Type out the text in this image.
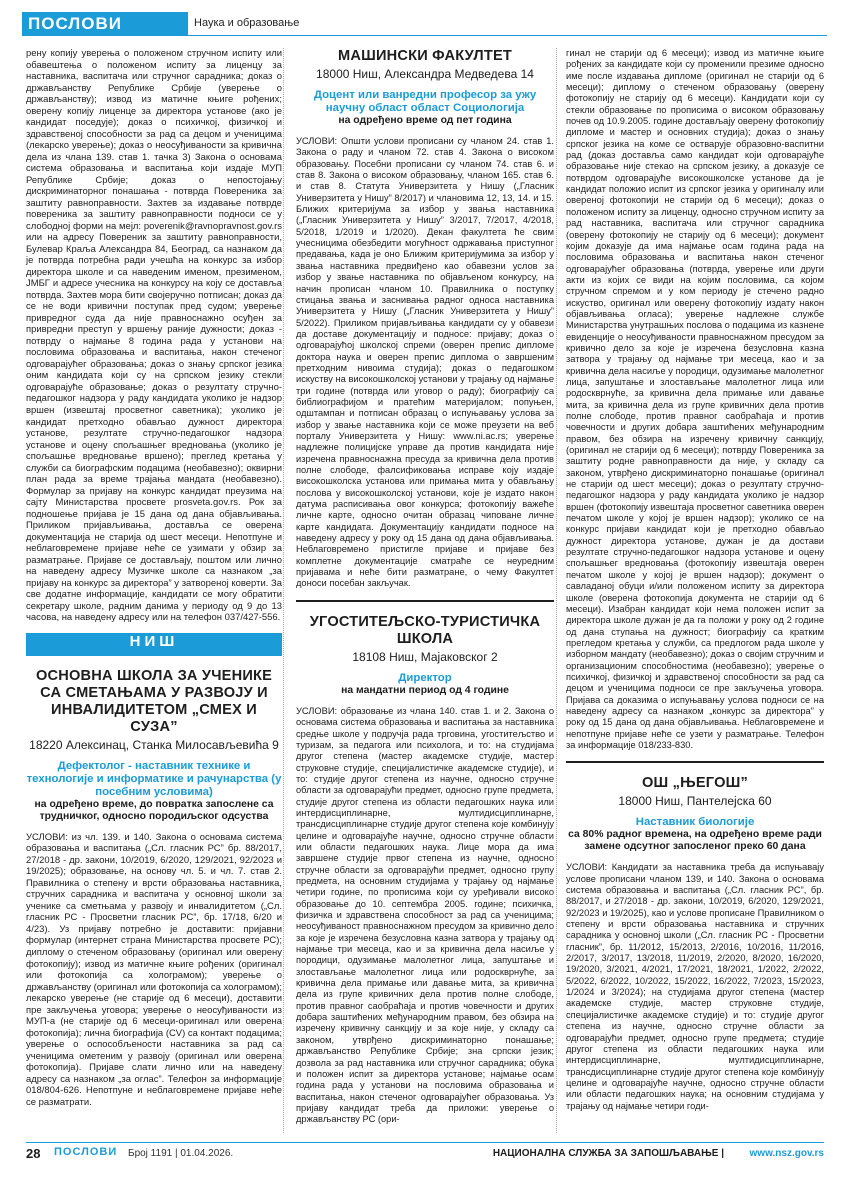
ПОСЛОВИ	Наука и образовање

рену копију уверења о положеном стручном испиту или обавештења о положеном испиту за лиценцу за наставника, васпитача или стручног сарадника; доказ о држављанству Републике Србије (уверење о држављанству); извод из матичне књиге рођених; оверену копију лиценце за директора установе (ако је кандидат поседује); доказ о психичкој, физичкој и здравственој способности за рад са децом и ученицима (лекарско уверење); доказ о неосуђиваности за кривична дела из члана 139. став 1. тачка 3) Закона о основама система образовања и васпитања који издаје МУП Републике Србије; доказ о непостојању дискриминаторног понашања - потврда Повереника за заштиту равноправности. Захтев за издавање потврде повереника за заштиту равноправности подноси се у слободној форми на мејл: poverenik@ravnopravnost.gov.rs или на адресу Повереник за заштиту равноправности, Булевар Краља Александра 84, Београд, са назнаком да је потврда потребна ради учешћа на конкурс за избор директора школе и са наведеним именом, презименом, ЈМБГ и адресе учесника на конкурсу на коју се доставља потврда. Захтев мора бити својеручно потписан; доказ да се не води кривични поступак пред судом; уверење привредног суда да није правноснажно осуђен за привредни преступ у вршењу раније дужности; доказ - потврду о најмање 8 година рада у установи на пословима образовања и васпитања, након стеченог одговарајућег образовања; доказ о знању српског језика оним кандидата који су на српском језику стекли одговарајуће образовање; доказ о резултату стручно-педагошког надзора у раду кандидата уколико је надзор вршен (извештај просветног саветника); уколико је кандидат претходно обављао дужност директора установе, резултате стручно-педагошког надзора установе и оцену спољашњег вредновања (уколико је спољашње вредновање вршено); преглед кретања у служби са биографским подацима (необавезно); оквирни план рада за време трајања мандата (необавезно). Формулар за пријаву на конкурс кандидат преузима на сајту Министарства просвете prosveta.gov.rs. Рок за подношење пријава је 15 дана од дана објављивања. Приликом пријављивања, доставља се оверена документација не старија од шест месеци. Непотпуне и неблаговремене пријаве неће се узимати у обзир за разматрање. Пријаве се достављају, поштом или лично на наведену адресу Музичке школе са назнаком „за пријаву на конкурс за директора” у затвореној коверти. За све додатне информације, кандидати се могу обратити секретару школе, радним данима у периоду од 9 до 13 часова, на наведену адресу или на телефон 037/427-556.

НИШ
ОСНОВНА ШКОЛА ЗА УЧЕНИКЕ СА СМЕТАЊАМА У РАЗВОЈУ И ИНВАЛИДИТЕТОМ „СМЕХ И СУЗА”
18220 Алексинац, Станка Милосављевића 9
Дефектолог - наставник технике и технологије и информатике и рачунарства (у посебним условима)
на одређено време, до повратка запослене са трудничког, односно породиљског одсуства

УСЛОВИ: из чл. 139. и 140. Закона о основама система образовања и васпитања („Сл. гласник РС” бр. 88/2017, 27/2018 - др. закони, 10/2019, 6/2020, 129/2021, 92/2023 и 19/2025); образовање, на основу чл. 5. и чл. 7. став 2. Правилника о степену и врсти образовања наставника, стручних сарадника и васпитача у основној школи за ученике са сметњама у развоју и инвалидитетом („Сл. гласник РС - Просветни гласник РС”, бр. 17/18, 6/20 и 4/23). Уз пријаву потребно је доставити: пријавни формулар (интернет страна Министарства просвете РС); диплому о стеченом образовању (оригинал или оверену фотокопију); извод из матичне књиге рођених (оригинал или фотокопија са холограмом); уверење о држављанству (оригинал или фотокопија са холограмом); лекарско уверење (не старије од 6 месеци), доставити пре закључења уговора; уверење о неосуђиваности из МУП-а (не старије од 6 месеци-оригинал или оверена фотокопија); лична биографија (CV) са контакт подацима; уверење о оспособљености наставника за рад са ученицима ометеним у развоју (оригинал или оверена фотокопија). Пријаве слати лично или на наведену адресу са назнаком „за оглас”. Телефон за информације 018/804-626. Непотпуне и неблаговремене пријаве неће се разматрати.

МАШИНСКИ ФАКУЛТЕТ
18000 Ниш, Александра Медведева 14
Доцент или ванредни професор за ужу научну област област Социологија
на одређено време од пет година

УСЛОВИ: Општи услови прописани су чланом 24. став 1. Закона о раду и чланом 72. став 4. Закона о високом образовању. Посебни прописани су чланом 74. став 6. и став 8. Закона о високом образовању, чланом 165. став 6. и став 8. Статута Универзитета у Нишу („Гласник Универзитета у Нишу” 8/2017) и члановима 12, 13, 14. и 15. Ближих критеријума за избор у звања наставника („Гласник Универзитета у Нишу” 3/2017, 7/2017, 4/2018, 5/2018, 1/2019 и 1/2020). Декан факултета ће свим учесницима обезбедити могућност одржавања приступног предавања, када је оно Ближим критеријумима за избор у звања наставника предвиђено као обавезни услов за избор у звање наставника по објављеном конкурсу, на начин прописан чланом 10. Правилника о поступку стицања звања и заснивања радног односа наставника Универзитета у Нишу („Гласник Универзитета у Нишу” 5/2022). Приликом пријављивања кандидати су у обавези да доставе документацију и подносе: пријаву; доказ о одговарајућој школској спреми (оверен препис дипломе доктора наука и оверен препис диплома о завршеним претходним нивоима студија); доказ о педагошком искуству на високошколској установи у трајању од најмање три године (потврда или уговор о раду); биографију са библиографијом и пратећим материјалом; попуњен, одштампан и потписан образац о испуњавању услова за избор у звање наставника који се може преузети на веб порталу Универзитета у Нишу: www.ni.ac.rs; уверење надлежне полицијске управе да против кандидата није изречена правноснажна пресуда за кривична дела против полне слободе, фалсификовања исправе коју издаје високошколска установа или примања мита у обављању послова у високошколској установи, које је издато након датума расписивања овог конкурса; фотокопију важеће личне карте, односно очитан образац чиповане личне карте кандидата. Документацију кандидати подносе на наведену адресу у року од 15 дана од дана објављивања. Неблаговремено пристигле пријаве и пријаве без комплетне документације сматраће се неуредним пријавама и неће бити разматране, о чему Факултет доноси посебан закључак.

УГОСТИТЕЉСКО-ТУРИСТИЧКА ШКОЛА
18108 Ниш, Мајаковског 2
Директор
на мандатни период од 4 године

УСЛОВИ: образовање из члана 140. став 1. и 2. Закона о основама система образовања и васпитања за наставника средње школе у подручја рада трговина, угоститељство и туризам, за педагога или психолога, и то: на студијама другог степена (мастер академске студије, мастер струковне студије, специјалистичке академске студије), и то: студије другог степена из научне, односно стручне области за одговарајући предмет, односно групе предмета, студије другог степена из области педагошких наука или интердисциплинарне, мултидисциплинарне, трансдисциплинарне студије другог степена које комбинују целине и одговарајуће научне, односно стручне области или области педагошких наука. Лице мора да има завршене студије првог степена из научне, односно стручне области за одговарајући предмет, односно групу предмета, на основним студијама у трајању од најмање четири године, по прописима који су уређивали високо образовање до 10. септембра 2005. године; психичка, физичка и здравствена способност за рад са ученицима; неосуђиваност правноснажном пресудом за кривично дело за које је изречена безусловна казна затвора у трајању од најмање три месеца, као и за кривична дела насиље у породици, одузимање малолетног лица, запуштање и злостављање малолетног лица или родоскврнуће, за кривична дела примање или давање мита, за кривична дела из групе кривичних дела против полне слободе, против правног саобраћаја и против човечности и других добара заштићених међународним правом, без обзира на изречену кривичну санкцију и за које није, у складу са законом, утврђено дискриминаторно понашање; држављанство Републике Србије; зна српски језик; дозвола за рад наставника или стручног сарадника; обука и положен испит за директора установе; најмање осам година рада у установи на пословима образовања и васпитања, након стеченог одговарајућег образовања. Уз пријаву кандидат треба да приложи: уверење о држављанству РС (ори-

гинал не старији од 6 месеци); извод из матичне књиге рођених за кандидате који су променили презиме односно име после издавања дипломе (оригинал не старији од 6 месеци); диплому о стеченом образовању (оверену фотокопију не старију од 6 месеци). Кандидати који су стекли образовање по прописима о високом образовању почев од 10.9.2005. године достављају оверену фотокопију дипломе и мастер и основних студија); доказ о знању српског језика на коме се остварује образовно-васпитни рад (доказ достављa само кандидат који одговарајуће образовање није стекао на српском језику, а доказује се потврдом одговарајуће високошколске установе да је кандидат положио испит из српског језика у оригиналу или овереној фотокопији не старији од 6 месеци); доказ о положеном испиту за лиценцу, односно стручном испиту за рад наставника, васпитача или стручног сарадника (оверену фотокопију не старију од 6 месеци); документ којим доказује да има најмање осам година рада на пословима образовања и васпитања након стеченог одговарајућег образовања (потврда, уверење или други акти из којих се види на којим пословима, са којом стручном спремом и у ком периоду је стечено радно искуство, оригинал или оверену фотокопију издату након објављивања огласа); уверење надлежне службе Министарства унутрашњих послова о подацима из казнене евиденције о неосуђиваности правноснажном пресудом за кривично дело за које је изречена безусловна казна затвора у трајању од најмање три месеца, као и за кривична дела насиље у породици, одузимање малолетног лица, запуштање и злостављање малолетног лица или родоскврнуће, за кривична дела примање или давање мита, за кривична дела из групе кривичних дела против полне слободе, против правног саобраћаја и против човечности и других добара заштићених међународним правом, без обзира на изречену кривичну санкцију, (оригинал не старији од 6 месеци); потврду Повереника за заштиту родне равноправности да није, у складу са законом, утврђено дискриминаторно понашање (оригинал не старији од шест месеци); доказ о резултату стручно-педагошког надзора у раду кандидата уколико је надзор вршен (фотокопију извештаја просветног саветника оверен печатом школе у којој је вршен надзор); уколико се на конкурс пријави кандидат који је претходно обављао дужност директора установе, дужан је да достави резултате стручно-педагошког надзора установе и оцену спољашњег вредновања (фотокопију извештаја оверен печатом школе у којој је вршен надзор); документ о савладаној обуци и/или положеном испиту за директора школе (оверена фотокопија документа не старији од 6 месеци). Изабран кандидат који нема положен испит за директора школе дужан је да га положи у року од 2 године од дана ступања на дужност; биографију са кратким прегледом кретања у служби, са предлогом рада школе у изборном мандату (необавезно); доказ о својим стручним и организационим способностима (необавезно); уверење о психичкој, физичкој и здравственој способности за рад са децом и ученицима подноси се пре закључења уговора. Пријава са доказима о испуњавању услова подноси се на наведену адресу са назнаком „конкурс за директора” у року од 15 дана од дана објављивања. Неблаговремене и непотпуне пријаве неће се узети у разматрање. Телефон за информације 018/233-830.

ОШ „ЊЕГОШ”
18000 Ниш, Пантелејска 60
Наставник биологије
са 80% радног времена, на одређено време ради замене одсутног запосленог преко 60 дана

УСЛОВИ: Кандидати за наставника треба да испуњавају услове прописани чланом 139, и 140. Закона о основама система образовања и васпитања („Сл. гласник РС”, бр. 88/2017, и 27/2018 - др. закони, 10/2019, 6/2020, 129/2021, 92/2023 и 19/2025), као и услове прописане Правилником о степену и врсти образовања наставника и стручних сарадника у основној школи („Сл. гласник РС - Просветни гласник”, бр. 11/2012, 15/2013, 2/2016, 10/2016, 11/2016, 2/2017, 3/2017, 13/2018, 11/2019, 2/2020, 8/2020, 16/2020, 19/2020, 3/2021, 4/2021, 17/2021, 18/2021, 1/2022, 2/2022, 5/2022, 6/2022, 10/2022, 15/2022, 16/2022, 7/2023, 15/2023, 1/2024 и 3/2024); на студијама другог степена (мастер академске студије, мастер струковне студије, специјалистичке академске студије) и то: студије другог степена из научне, односно стручне области за одговарајући предмет, односно групе предмета; студије другог степена из области педагошких наука или интердисциплинарне, мултидисциплинарне, трансдисциплинарне студије другог степена које комбинују целине и одговарајуће научне, односно стручне области или области педагошких наука; на основним студијама у трајању од најмање четири годи-

28 ПОСЛОВИ Број 1191 | 01.04.2026.	НАЦИОНАЛНА СЛУЖБА ЗА ЗАПОШЉАВАЊЕ |	www.nsz.gov.rs
